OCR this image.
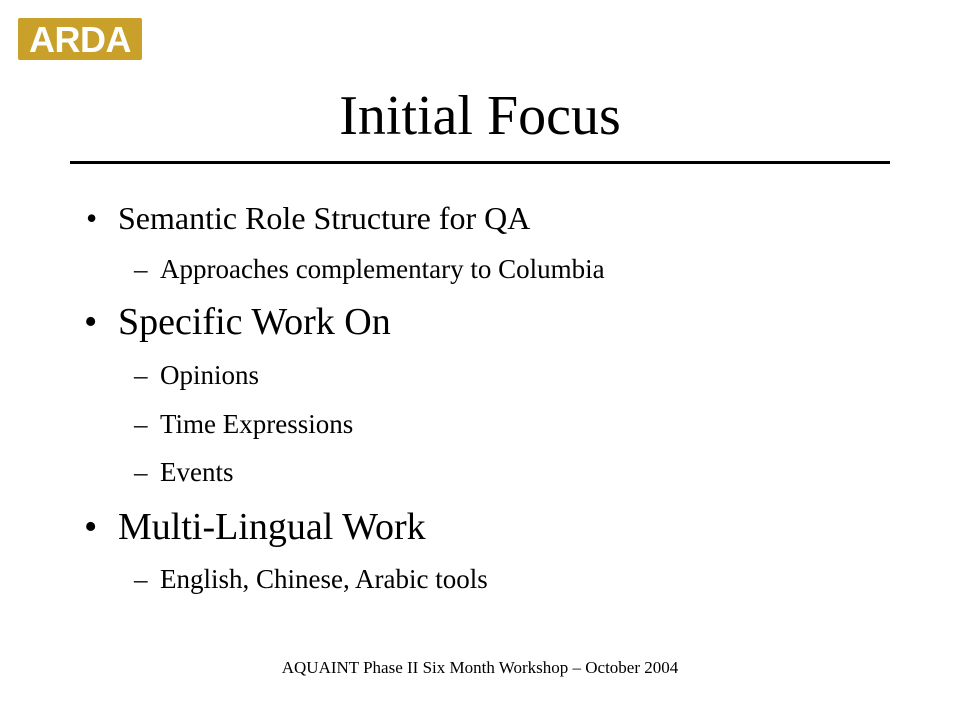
ARDA
Initial Focus
• Semantic Role Structure for QA
– Approaches complementary to Columbia
• Specific Work On
– Opinions
– Time Expressions
– Events
• Multi-Lingual Work
– English, Chinese, Arabic tools
AQUAINT Phase II Six Month Workshop – October 2004
